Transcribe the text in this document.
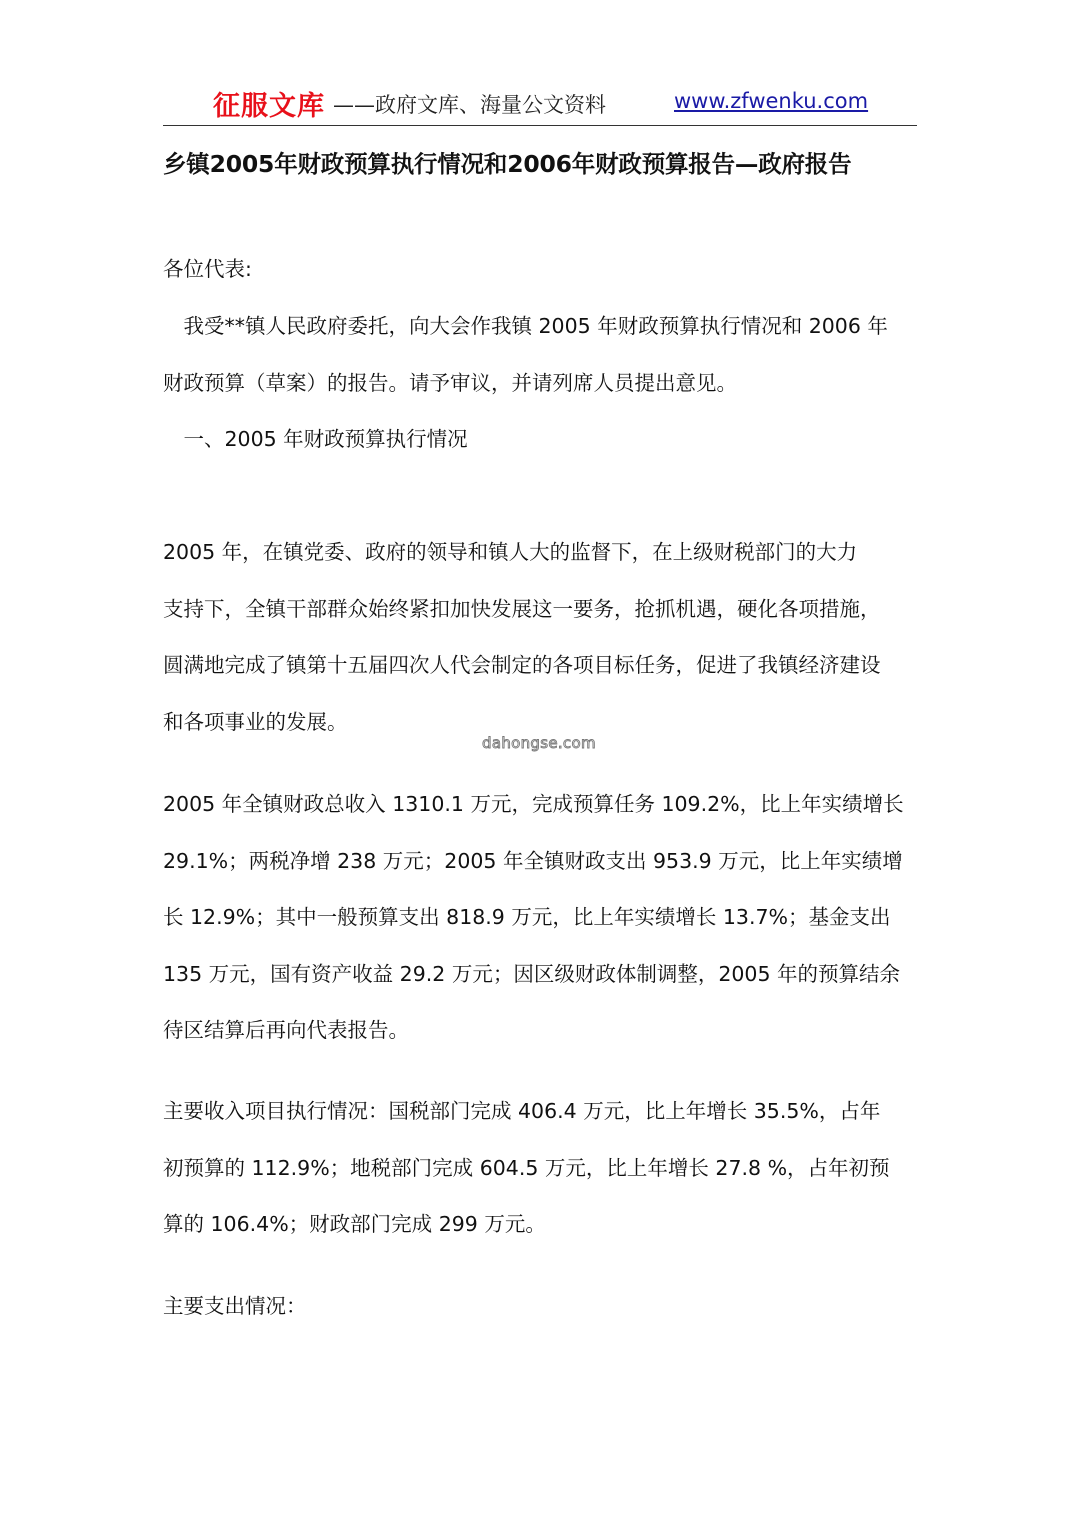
征服文库 ——政府文库、海量公文资料	www.zfwenku.com
乡镇2005年财政预算执行情况和2006年财政预算报告—政府报告

各位代表:

　我受**镇人民政府委托，向大会作我镇 2005 年财政预算执行情况和 2006 年
财政预算（草案）的报告。请予审议，并请列席人员提出意见。

　一、2005 年财政预算执行情况

2005 年，在镇党委、政府的领导和镇人大的监督下，在上级财税部门的大力
支持下，全镇干部群众始终紧扣加快发展这一要务，抢抓机遇，硬化各项措施，
圆满地完成了镇第十五届四次人代会制定的各项目标任务，促进了我镇经济建设
和各项事业的发展。

dahongse.com

2005 年全镇财政总收入 1310.1 万元，完成预算任务 109.2%，比上年实绩增长
29.1%；两税净增 238 万元；2005 年全镇财政支出 953.9 万元，比上年实绩增
长 12.9%；其中一般预算支出 818.9 万元，比上年实绩增长 13.7%；基金支出
135 万元，国有资产收益 29.2 万元；因区级财政体制调整，2005 年的预算结余
待区结算后再向代表报告。

主要收入项目执行情况：国税部门完成 406.4 万元，比上年增长 35.5%，占年
初预算的 112.9%；地税部门完成 604.5 万元，比上年增长 27.8 %，占年初预
算的 106.4%；财政部门完成 299 万元。

主要支出情况：
